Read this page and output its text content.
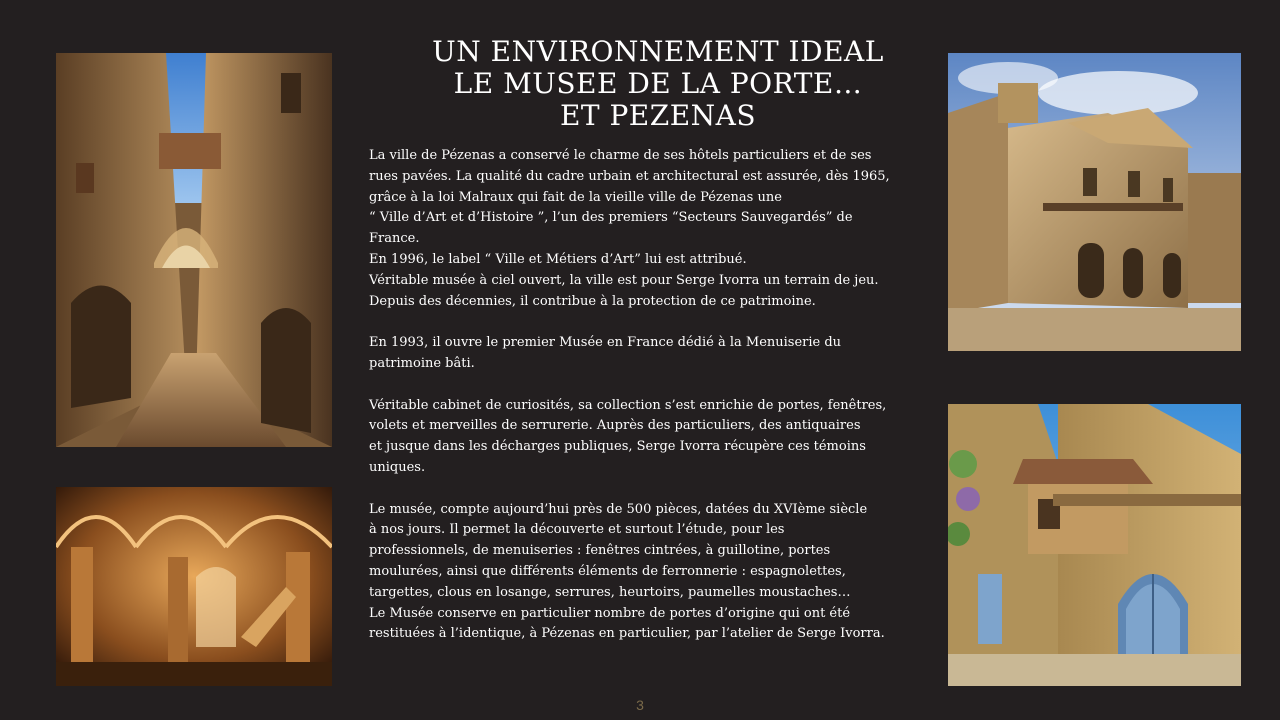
UN ENVIRONNEMENT IDEAL
LE MUSEE DE LA PORTE…
ET PEZENAS
La ville de Pézenas a conservé le charme de ses hôtels particuliers et de ses
rues pavées. La qualité du cadre urbain et architectural est assurée, dès 1965,
grâce à la loi Malraux qui fait de la vieille ville de Pézenas une
“ Ville d’Art et d’Histoire ”, l’un des premiers “Secteurs Sauvegardés” de
France.
En 1996, le label “ Ville et Métiers d’Art” lui est attribué.
Véritable musée à ciel ouvert, la ville est pour Serge Ivorra un terrain de jeu.
Depuis des décennies, il contribue à la protection de ce patrimoine.
En 1993, il ouvre le premier Musée en France dédié à la Menuiserie du
patrimoine bâti.
Véritable cabinet de curiosités, sa collection s’est enrichie de portes, fenêtres,
volets et merveilles de serrurerie. Auprès des particuliers, des antiquaires
et jusque dans les décharges publiques, Serge Ivorra récupère ces témoins
uniques.
Le musée, compte aujourd’hui près de 500 pièces, datées du XVIème siècle
à nos jours. Il permet la découverte et surtout l’étude, pour les
professionnels, de menuiseries : fenêtres cintrées, à guillotine, portes
moulurées, ainsi que différents éléments de ferronnerie : espagnolettes,
targettes, clous en losange, serrures, heurtoirs, paumelles moustaches…
Le Musée conserve en particulier nombre de portes d’origine qui ont été
restituées à l’identique, à Pézenas en particulier, par l’atelier de Serge Ivorra.
3
